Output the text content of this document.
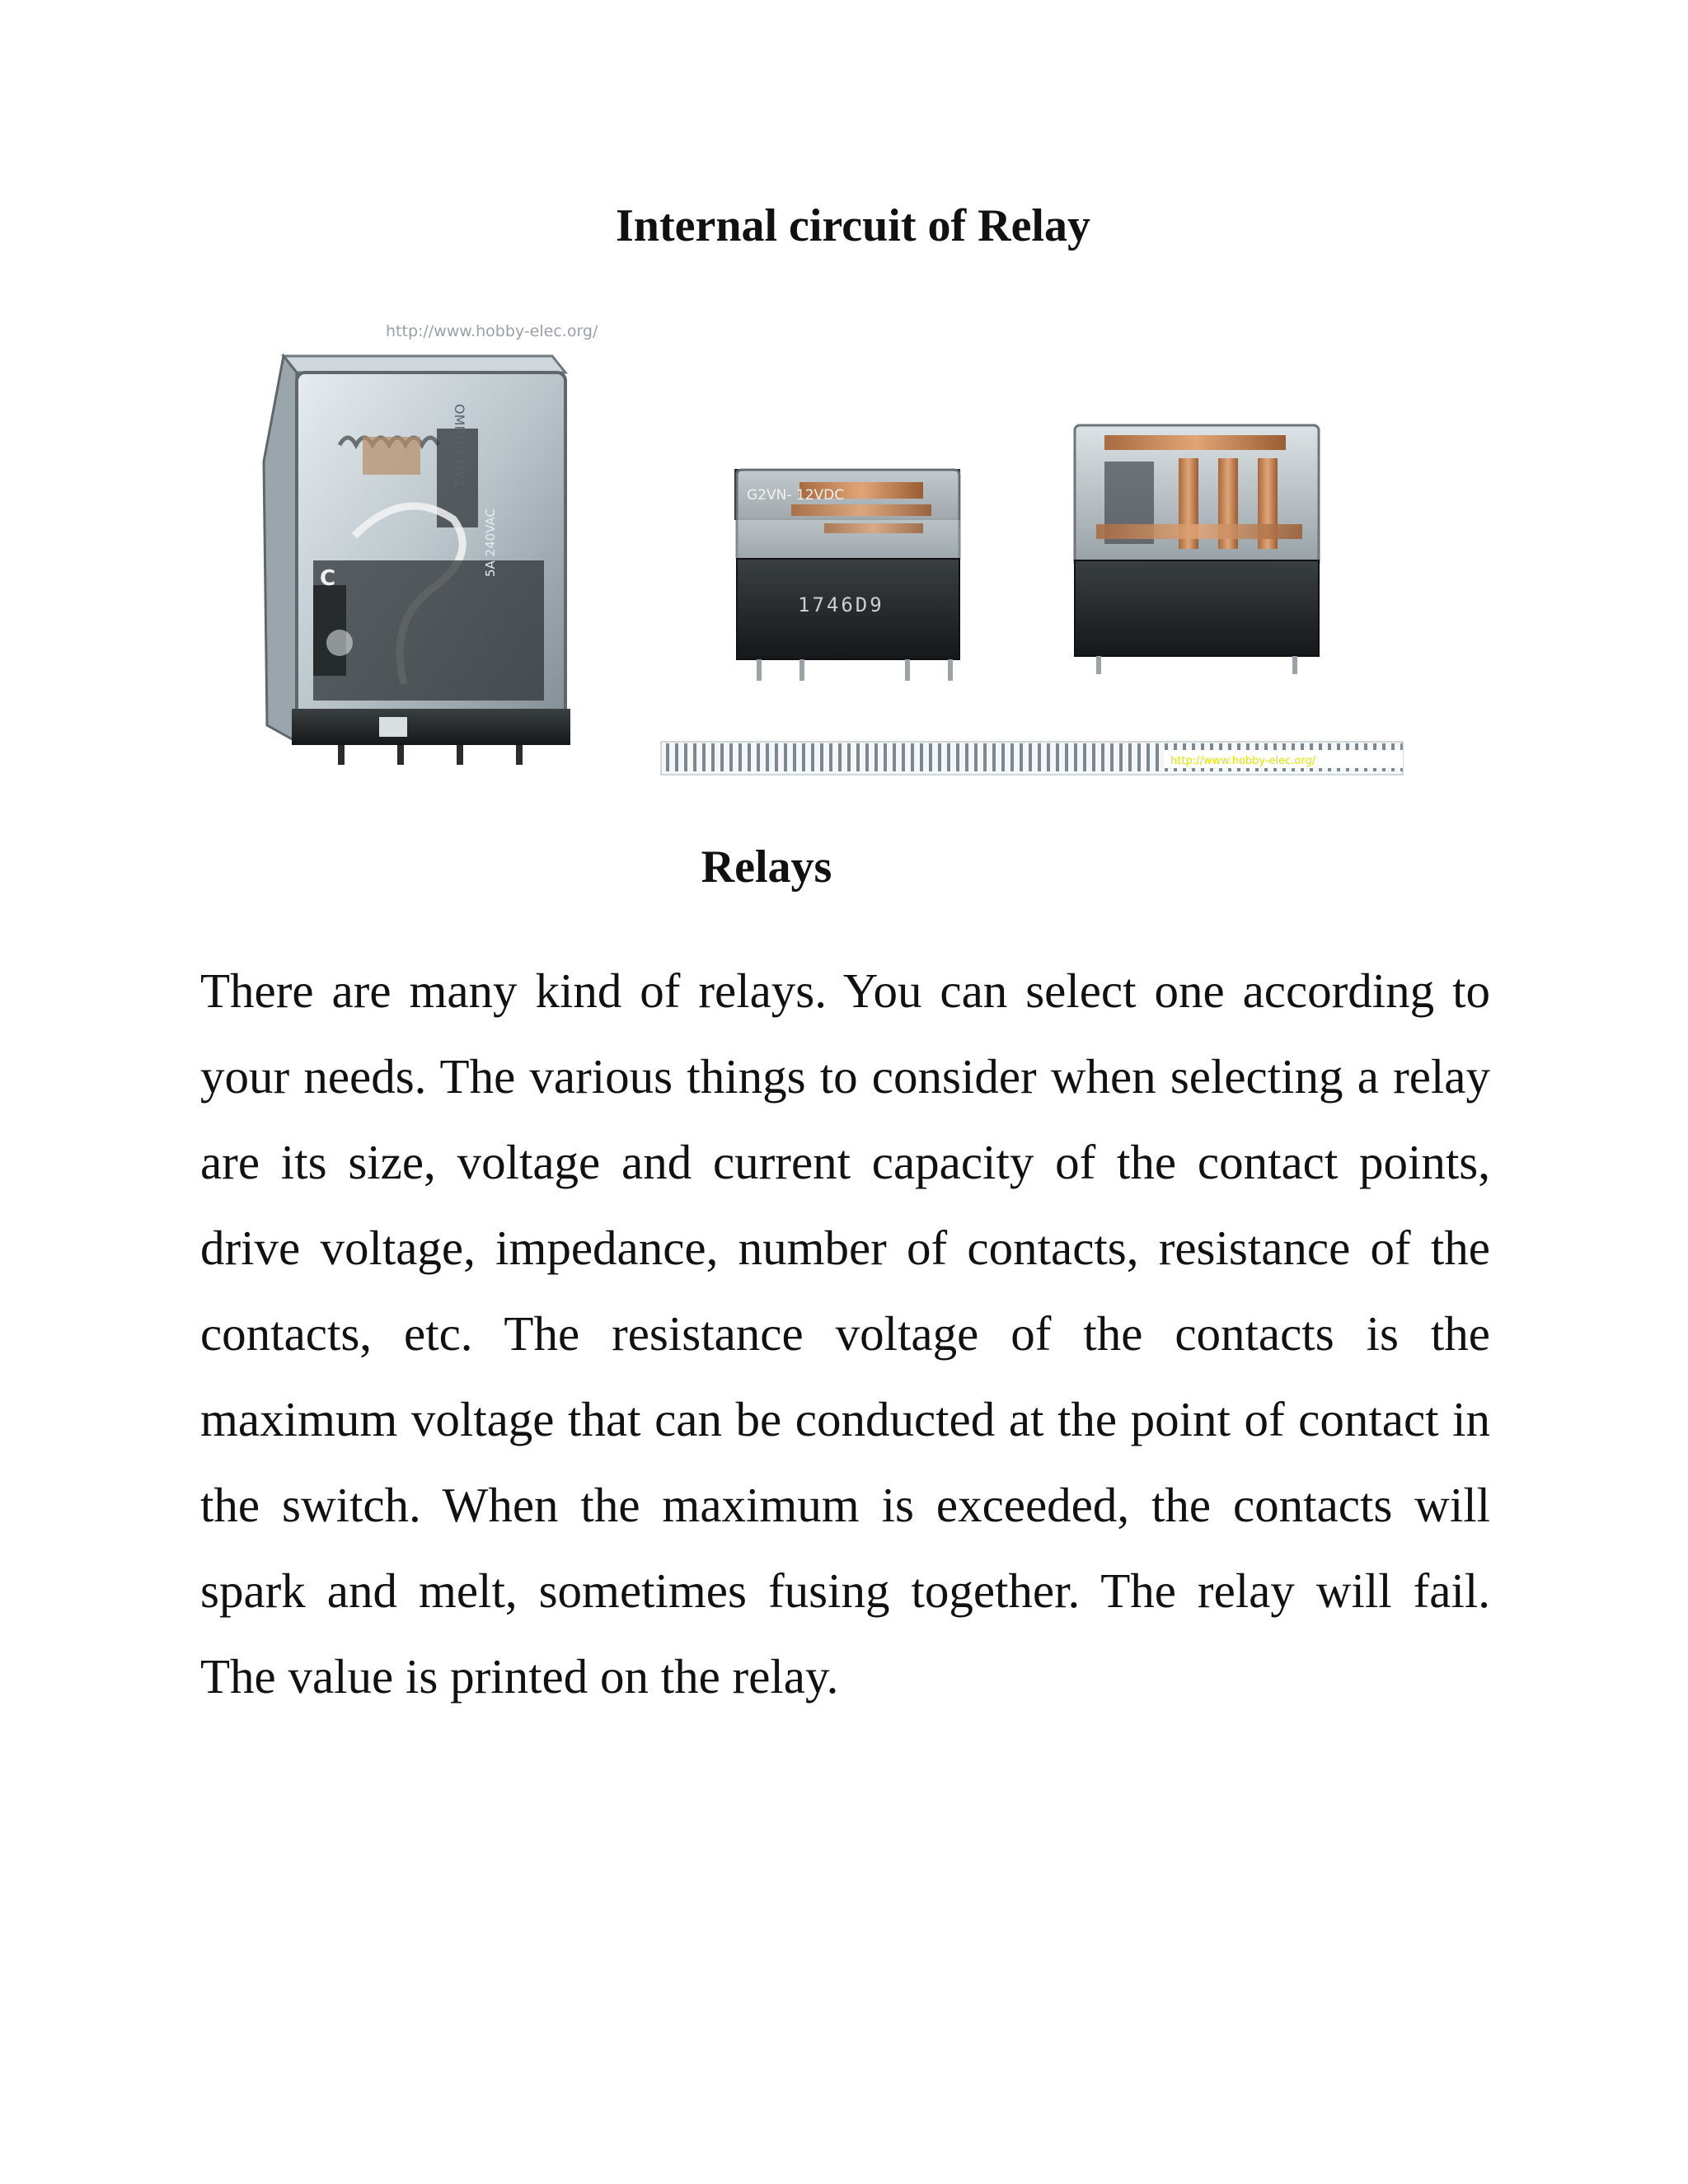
Internal circuit of Relay
http://www.hobby-elec.org/
C
OMRON MY2
5A 240VAC
G2VN- 12VDC
1746D9
http://www.hobby-elec.org/
Relays

There are many kind of relays. You can select one according to your needs. The various things to consider when selecting a relay are its size, voltage and current capacity of the contact points, drive voltage, impedance, number of contacts, resistance of the contacts, etc. The resistance voltage of the contacts is the maximum voltage that can be conducted at the point of contact in the switch. When the maximum is exceeded, the contacts will spark and melt, sometimes fusing together. The relay will fail. The value is printed on the relay.
